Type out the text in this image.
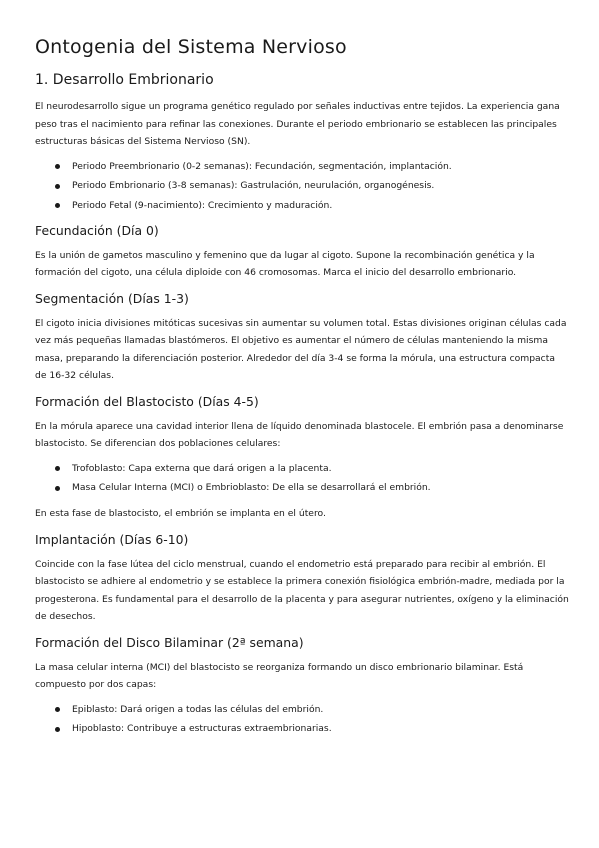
Ontogenia del Sistema Nervioso
1. Desarrollo Embrionario

El neurodesarrollo sigue un programa genético regulado por señales inductivas entre tejidos. La experiencia gana peso tras el nacimiento para refinar las conexiones. Durante el periodo embrionario se establecen las principales estructuras básicas del Sistema Nervioso (SN).

Periodo Preembrionario (0-2 semanas): Fecundación, segmentación, implantación.
Periodo Embrionario (3-8 semanas): Gastrulación, neurulación, organogénesis.
Periodo Fetal (9-nacimiento): Crecimiento y maduración.
Fecundación (Día 0)

Es la unión de gametos masculino y femenino que da lugar al cigoto. Supone la recombinación genética y la formación del cigoto, una célula diploide con 46 cromosomas. Marca el inicio del desarrollo embrionario.

Segmentación (Días 1-3)

El cigoto inicia divisiones mitóticas sucesivas sin aumentar su volumen total. Estas divisiones originan células cada vez más pequeñas llamadas blastómeros. El objetivo es aumentar el número de células manteniendo la misma masa, preparando la diferenciación posterior. Alrededor del día 3-4 se forma la mórula, una estructura compacta de 16-32 células.

Formación del Blastocisto (Días 4-5)

En la mórula aparece una cavidad interior llena de líquido denominada blastocele. El embrión pasa a denominarse blastocisto. Se diferencian dos poblaciones celulares:

Trofoblasto: Capa externa que dará origen a la placenta.
Masa Celular Interna (MCI) o Embrioblasto: De ella se desarrollará el embrión.

En esta fase de blastocisto, el embrión se implanta en el útero.

Implantación (Días 6-10)

Coincide con la fase lútea del ciclo menstrual, cuando el endometrio está preparado para recibir al embrión. El blastocisto se adhiere al endometrio y se establece la primera conexión fisiológica embrión-madre, mediada por la progesterona. Es fundamental para el desarrollo de la placenta y para asegurar nutrientes, oxígeno y la eliminación de desechos.

Formación del Disco Bilaminar (2ª semana)

La masa celular interna (MCI) del blastocisto se reorganiza formando un disco embrionario bilaminar. Está compuesto por dos capas:

Epiblasto: Dará origen a todas las células del embrión.
Hipoblasto: Contribuye a estructuras extraembrionarias.
